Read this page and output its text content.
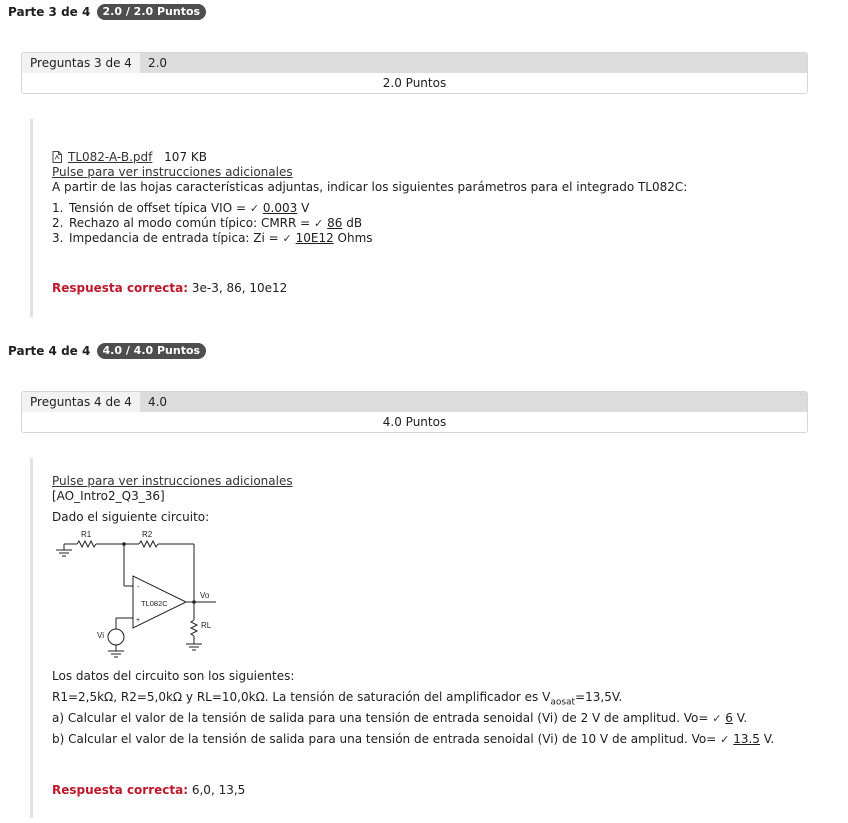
Parte 3 de 4 2.0 / 2.0 Puntos
Preguntas 3 de 4	2.0
2.0 Puntos
TL082-A-B.pdf 107 KB
Pulse para ver instrucciones adicionales
A partir de las hojas características adjuntas, indicar los siguientes parámetros para el integrado TL082C:
1. Tensión de offset típica VIO = ✓ 0.003 V
2. Rechazo al modo común típico: CMRR = ✓ 86 dB
3. Impedancia de entrada típica: Zi = ✓ 10E12 Ohms
Respuesta correcta: 3e-3, 86, 10e12
Parte 4 de 4 4.0 / 4.0 Puntos
Preguntas 4 de 4	4.0
4.0 Puntos
Pulse para ver instrucciones adicionales
[AO_Intro2_Q3_36]
Dado el siguiente circuito:
R1	R2
TL082C
Vo
RL
Vi
-
+
Los datos del circuito son los siguientes:
R1=2,5kΩ, R2=5,0kΩ y RL=10,0kΩ. La tensión de saturación del amplificador es $V_{aosat}=13,5V$.
a) Calcular el valor de la tensión de salida para una tensión de entrada senoidal (Vi) de 2 V de amplitud. Vo= ✓ 6 V.
b) Calcular el valor de la tensión de salida para una tensión de entrada senoidal (Vi) de 10 V de amplitud. Vo= ✓ 13.5 V.
Respuesta correcta: 6,0, 13,5
